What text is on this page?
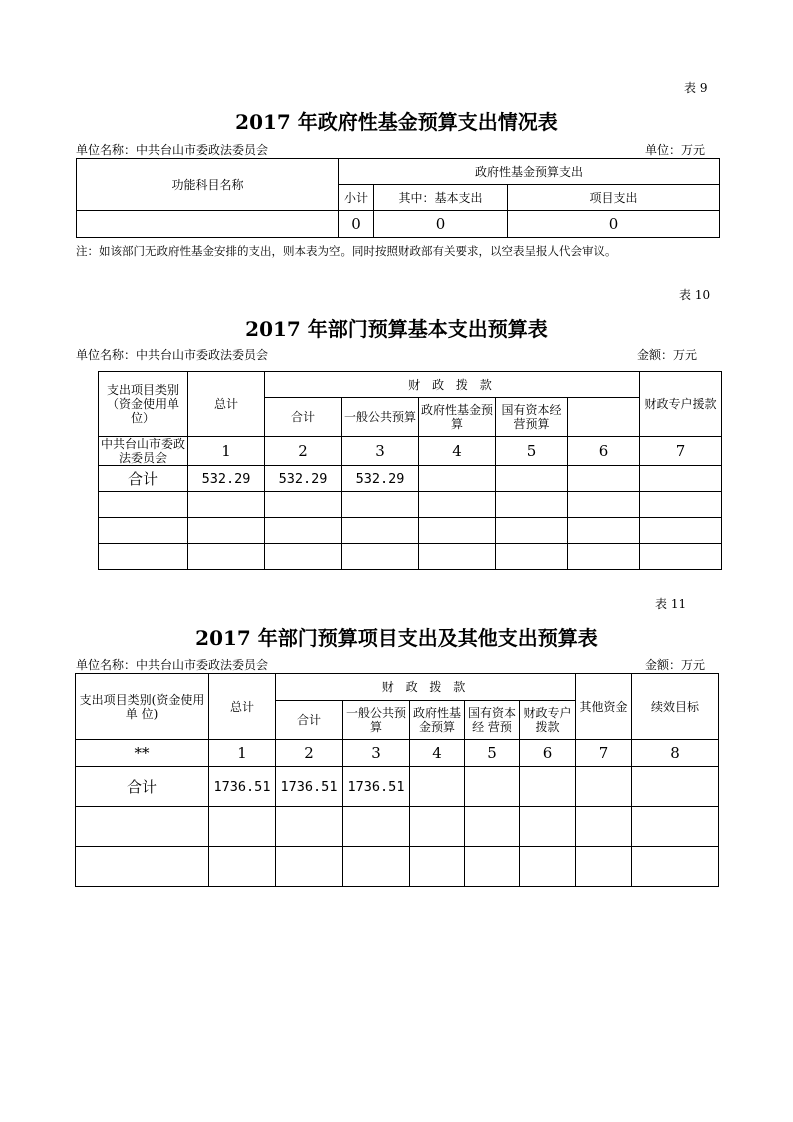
表 9
2017 年政府性基金预算支出情况表
单位名称：中共台山市委政法委员会	单位：万元
功能科目名称	政府性基金预算支出		
	小计	其中：基本支出	项目支出
	0	0	0
注：如该部门无政府性基金安排的支出，则本表为空。同时按照财政部有关要求，以空表呈报人代会审议。
表 10
2017 年部门预算基本支出预算表
单位名称：中共台山市委政法委员会	金额：万元
支出项目类别（资金使用单位）	总计	财 政 拨 款					财政专户援款	
		合计	一般公共预算	政府性基金预算	国有资本经营预算			
中共台山市委政法委员会	1	2	3	4	5	6	7	
合计	532.29	532.29	532.29					

表 11
2017 年部门预算项目支出及其他支出预算表
单位名称：中共台山市委政法委员会	金额：万元
支出项目类别(资金使用单 位)	总计	财 政 拨 款					其他资金	续效目标
		合计	一般公共预算	政府性基金预算	国有资本经 营预	财政专户拨款		
**	1	2	3	4	5	6	7	8
合计	1736.51	1736.51	1736.51					
